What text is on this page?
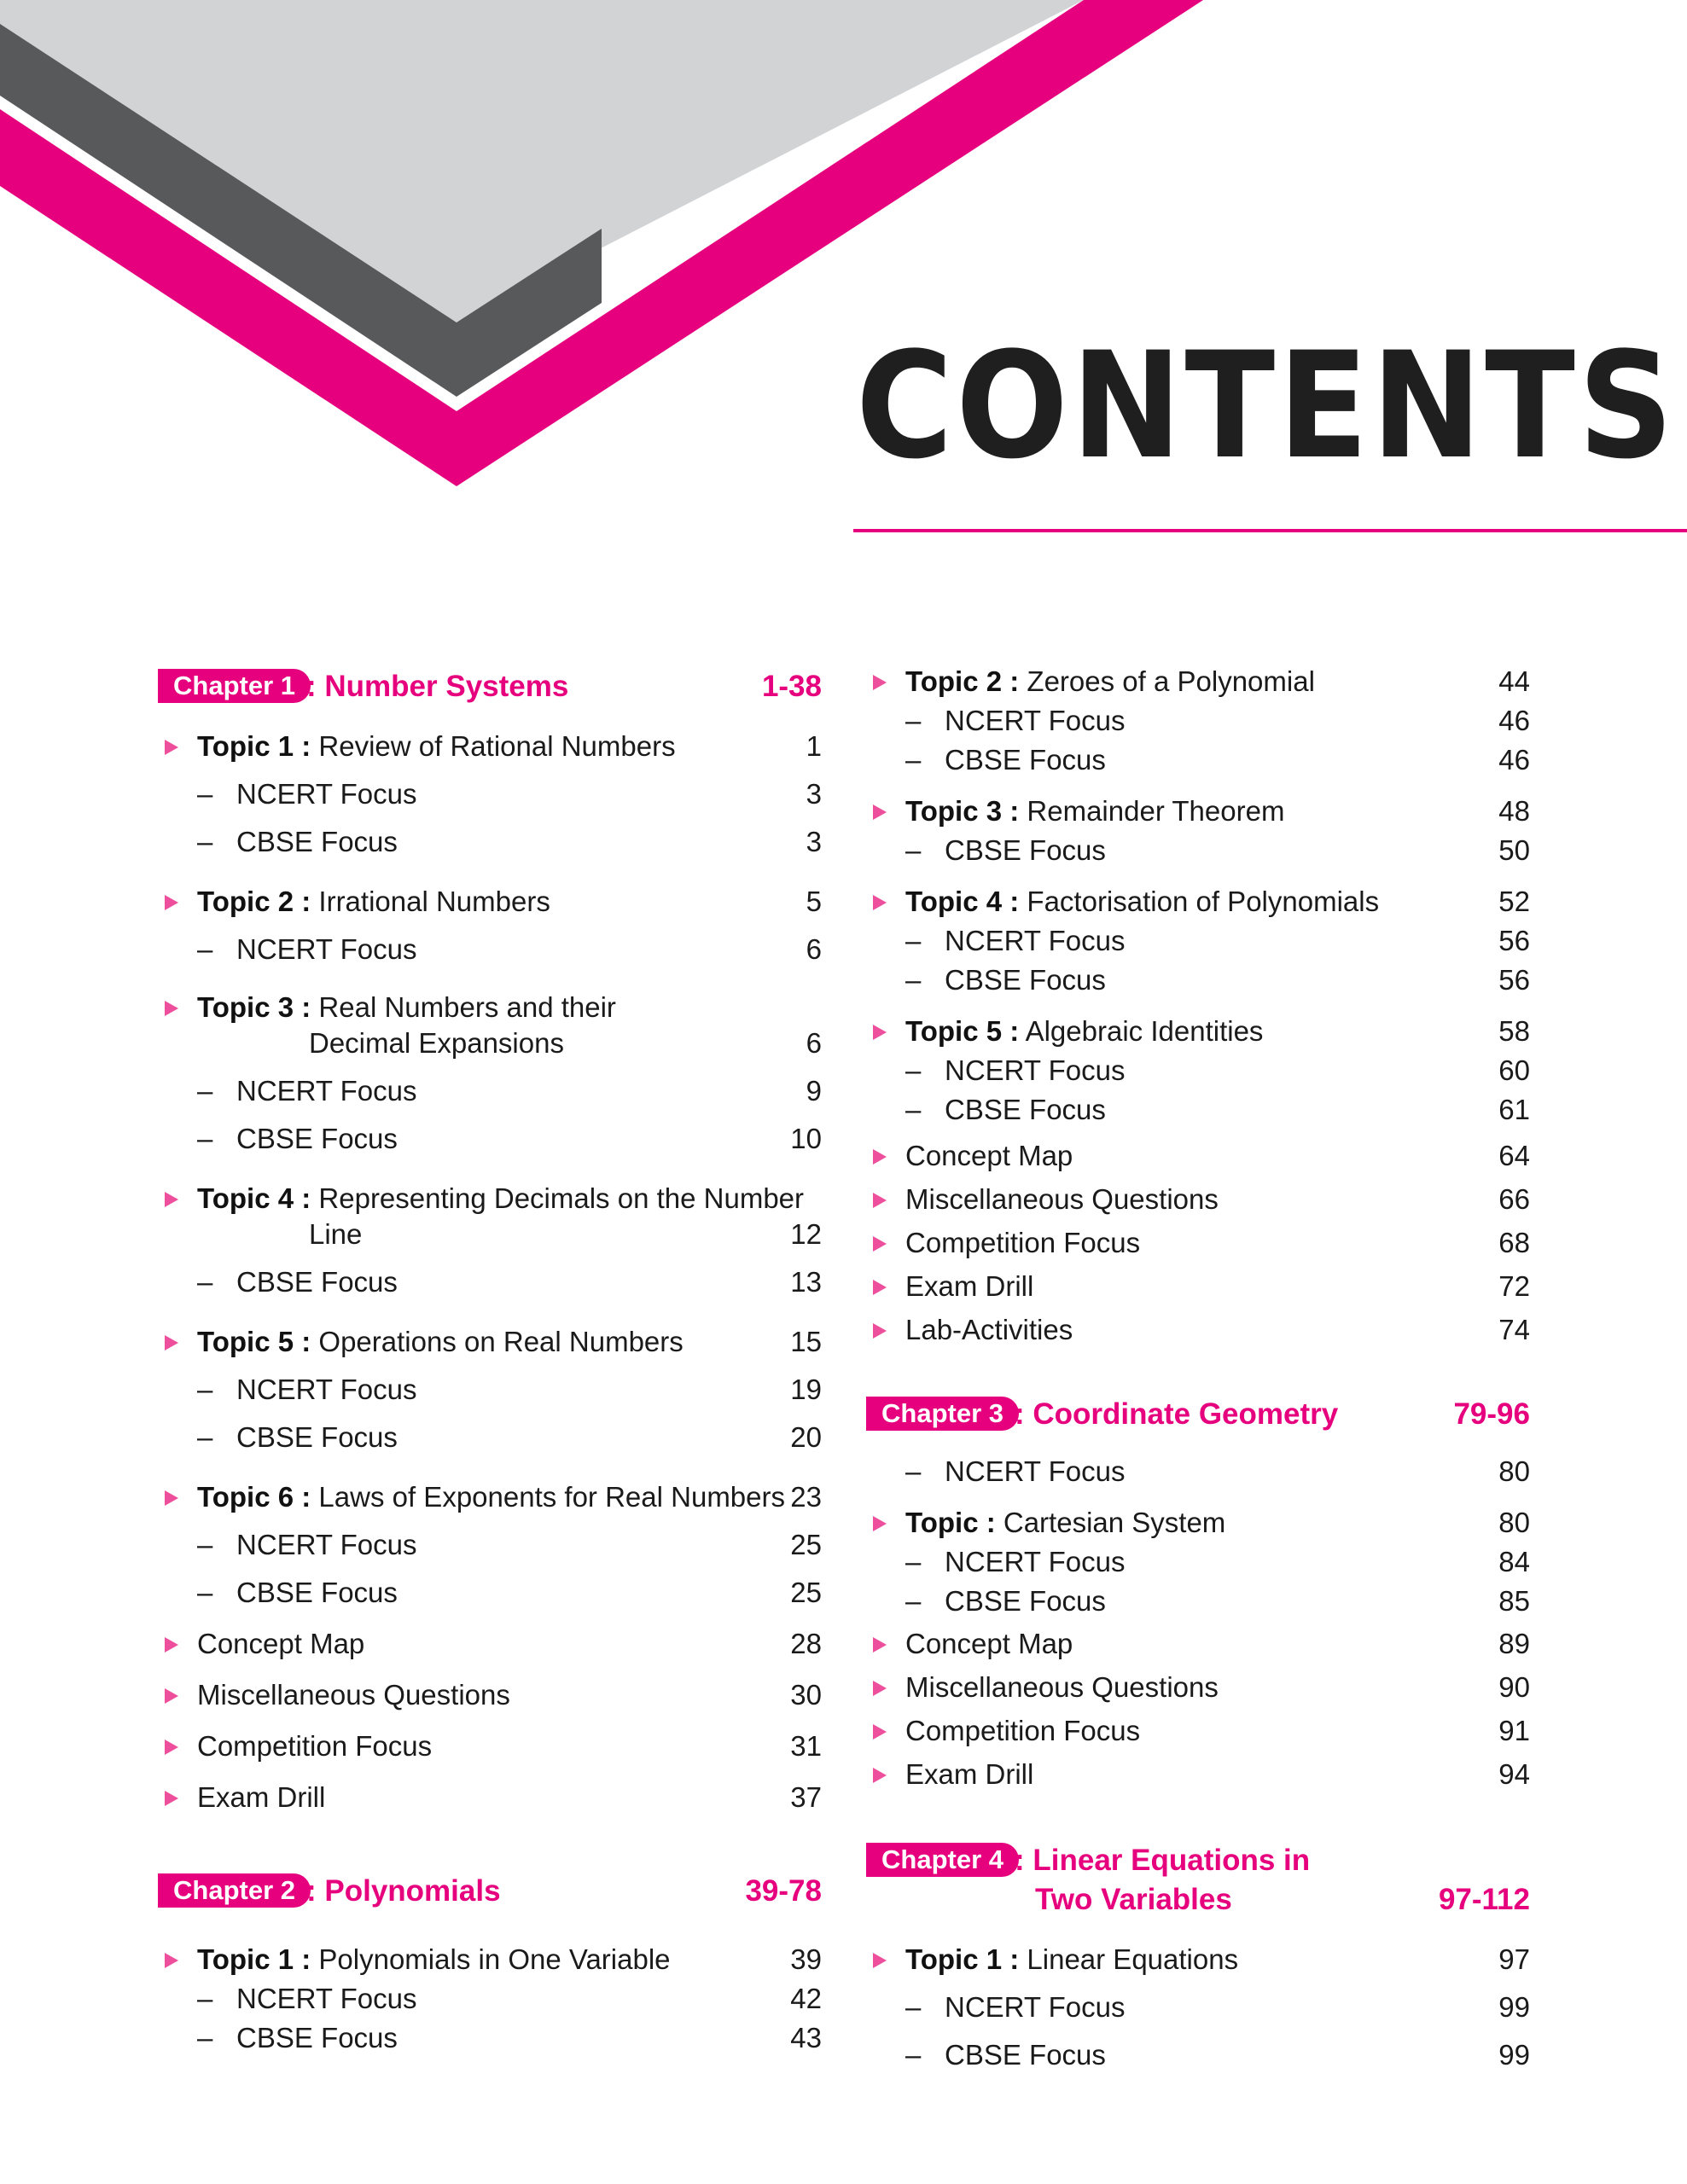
CONTENTS
Chapter 1 : Number Systems	1-38
Topic 1 : Review of Rational Numbers	1
– NCERT Focus	3
– CBSE Focus	3
Topic 2 : Irrational Numbers	5
– NCERT Focus	6
Topic 3 : Real Numbers and their
Decimal Expansions	6
– NCERT Focus	9
– CBSE Focus	10
Topic 4 : Representing Decimals on the Number
Line	12
– CBSE Focus	13
Topic 5 : Operations on Real Numbers	15
– NCERT Focus	19
– CBSE Focus	20
Topic 6 : Laws of Exponents for Real Numbers 23
– NCERT Focus	25
– CBSE Focus	25
Concept Map	28
Miscellaneous Questions	30
Competition Focus	31
Exam Drill	37
Chapter 2 : Polynomials	39-78
Topic 1 : Polynomials in One Variable	39
– NCERT Focus	42
– CBSE Focus	43
Topic 2 : Zeroes of a Polynomial	44
– NCERT Focus	46
– CBSE Focus	46
Topic 3 : Remainder Theorem	48
– CBSE Focus	50
Topic 4 : Factorisation of Polynomials	52
– NCERT Focus	56
– CBSE Focus	56
Topic 5 : Algebraic Identities	58
– NCERT Focus	60
– CBSE Focus	61
Concept Map	64
Miscellaneous Questions	66
Competition Focus	68
Exam Drill	72
Lab-Activities	74
Chapter 3 : Coordinate Geometry	79-96
– NCERT Focus	80
Topic : Cartesian System	80
– NCERT Focus	84
– CBSE Focus	85
Concept Map	89
Miscellaneous Questions	90
Competition Focus	91
Exam Drill	94
Chapter 4 : Linear Equations in
Two Variables	97-112
Topic 1 : Linear Equations	97
– NCERT Focus	99
– CBSE Focus	99
